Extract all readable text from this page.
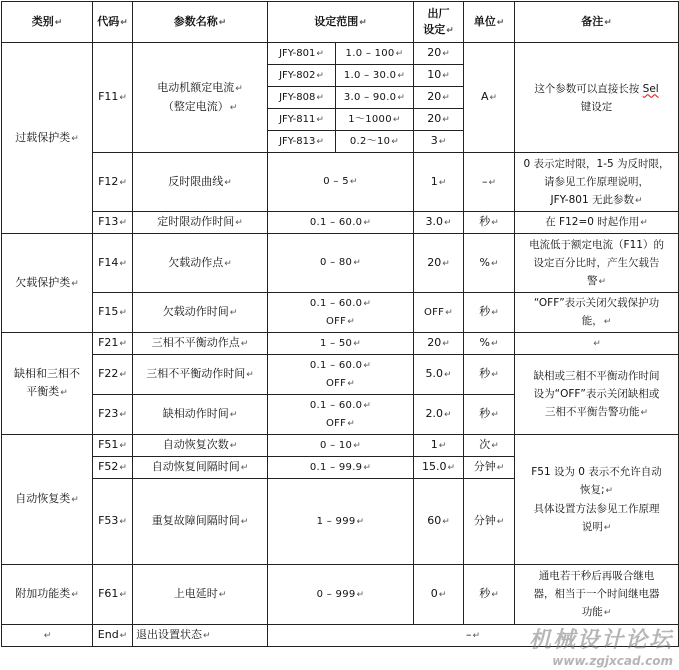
类别↵	代码↵	参数名称↵	设定范围↵		出厂
设定↵	单位↵	备注↵
过载保护类↵	F11↵	电动机额定电流↵
（整定电流）↵	JFY-801↵	1.0 – 100↵	20↵	A↵	这个参数可以直接长按 Sel
键设定
			JFY-802↵	1.0 – 30.0↵	10↵		
			JFY-808↵	3.0 – 90.0↵	20↵		
			JFY-811↵	1～1000↵	20↵		
			JFY-813↵	0.2～10↵	3↵		
	F12↵	反时限曲线↵	0 – 5↵		1↵	–↵	0 表示定时限，1-5 为反时限，
请参见工作原理说明，
JFY-801 无此参数↵
	F13↵	定时限动作时间↵	0.1 – 60.0↵		3.0↵	秒↵	在 F12=0 时起作用↵
欠载保护类↵	F14↵	欠载动作点↵	0 – 80↵		20↵	%↵	电流低于额定电流（F11）的
设定百分比时，产生欠载告
警↵
	F15↵	欠载动作时间↵	0.1 – 60.0↵
OFF↵		OFF↵	秒↵	“OFF”表示关闭欠载保护功
能，↵
缺相和三相不
平衡类↵	F21↵	三相不平衡动作点↵	1 – 50↵		20↵	%↵	↵
	F22↵	三相不平衡动作时间↵	0.1 – 60.0↵
OFF↵		5.0↵	秒↵	缺相或三相不平衡动作时间
设为“OFF”表示关闭缺相或
三相不平衡告警功能↵
	F23↵	缺相动作时间↵	0.1 – 60.0↵
OFF↵		2.0↵	秒↵	
自动恢复类↵	F51↵	自动恢复次数↵	0 – 10↵		1↵	次↵	F51 设为 0 表示不允许自动
恢复;↵
具体设置方法参见工作原理
说明↵
	F52↵	自动恢复间隔时间↵	0.1 – 99.9↵		15.0↵	分钟↵	
	F53↵	重复故障间隔时间↵	1 – 999↵		60↵	分钟↵	
附加功能类↵	F61↵	上电延时↵	0 – 999↵		0↵	秒↵	通电若干秒后再吸合继电
器，相当于一个时间继电器
功能↵
↵	End↵	退出设置状态↵	–↵				机械设计论坛
www.zgjxcad.com
